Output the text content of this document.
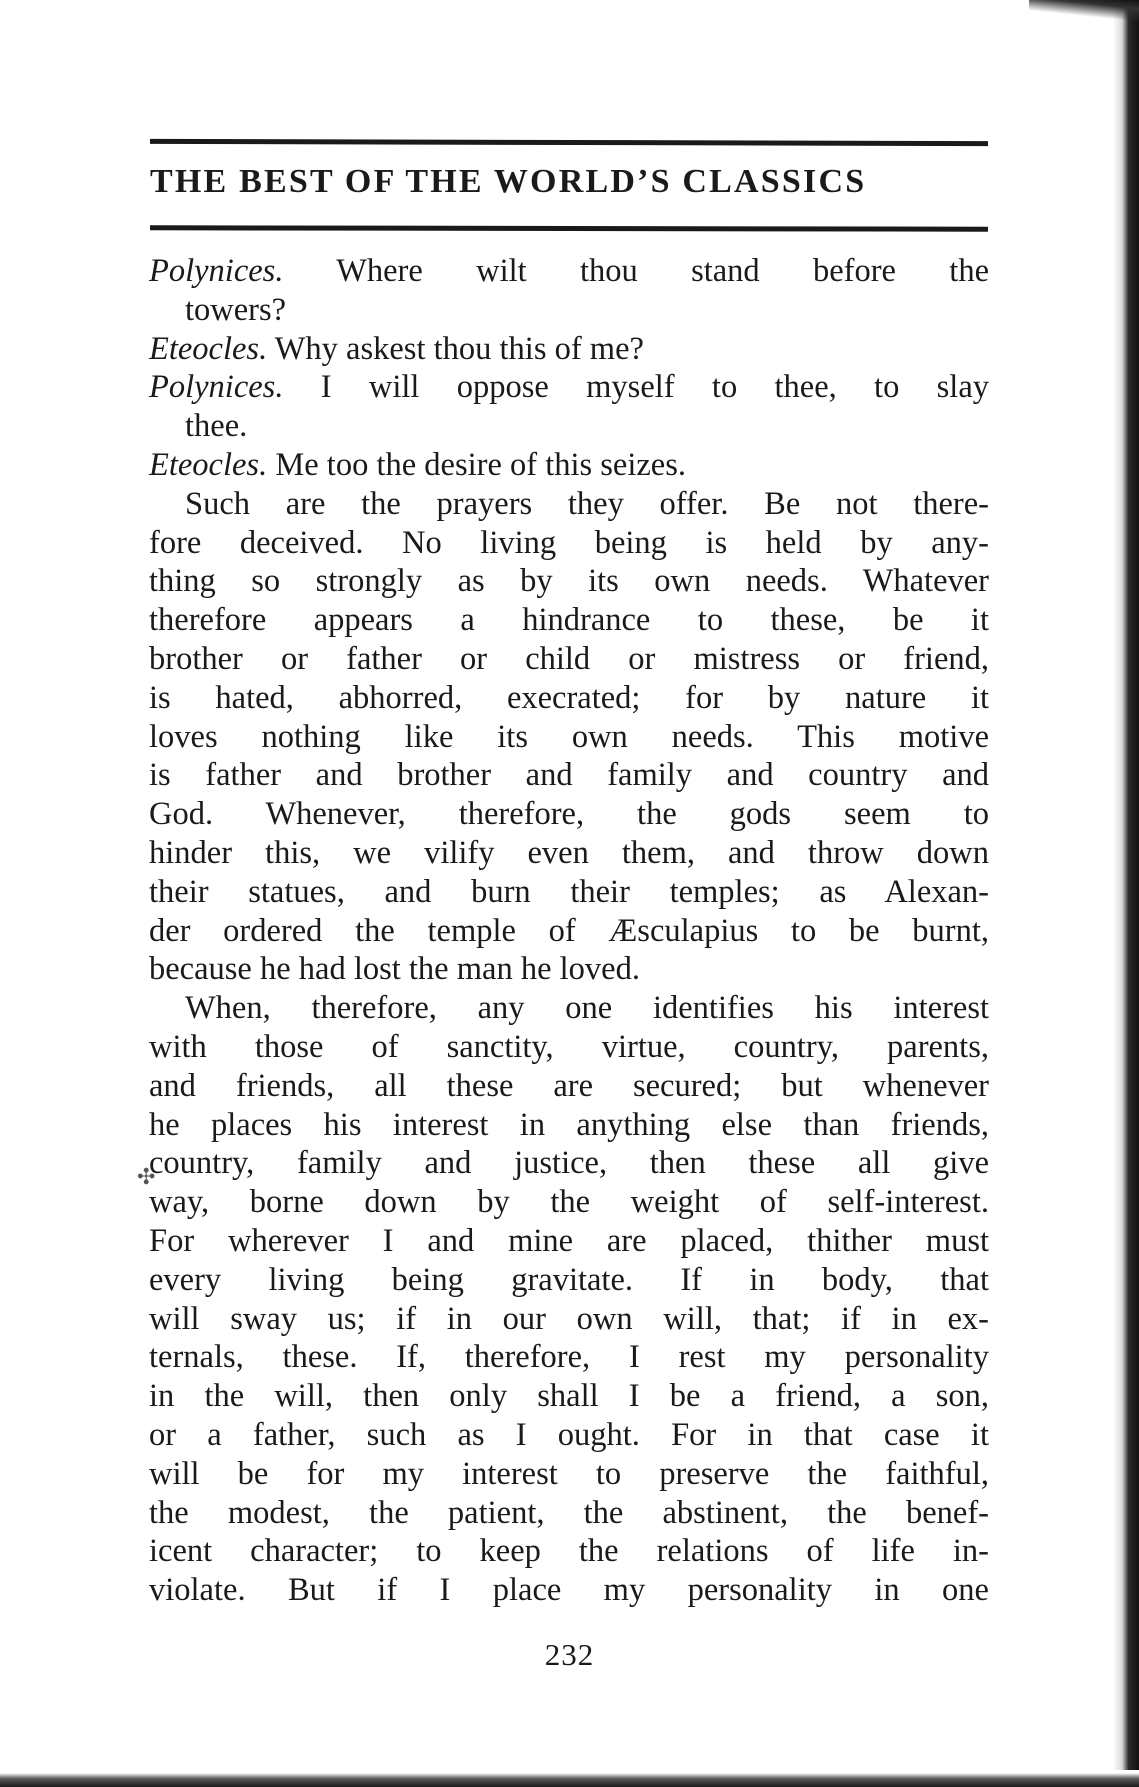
THE BEST OF THE WORLD’S CLASSICS
Polynices. Where wilt thou stand before the
towers?
Eteocles. Why askest thou this of me?
Polynices. I will oppose myself to thee, to slay
thee.
Eteocles. Me too the desire of this seizes.
Such are the prayers they offer. Be not there-
fore deceived. No living being is held by any-
thing so strongly as by its own needs. Whatever
therefore appears a hindrance to these, be it
brother or father or child or mistress or friend,
is hated, abhorred, execrated; for by nature it
loves nothing like its own needs. This motive
is father and brother and family and country and
God. Whenever, therefore, the gods seem to
hinder this, we vilify even them, and throw down
their statues, and burn their temples; as Alexan-
der ordered the temple of Æsculapius to be burnt,
because he had lost the man he loved.
When, therefore, any one identifies his interest
with those of sanctity, virtue, country, parents,
and friends, all these are secured; but whenever
he places his interest in anything else than friends,
country, family and justice, then these all give
way, borne down by the weight of self-interest.
For wherever I and mine are placed, thither must
every living being gravitate. If in body, that
will sway us; if in our own will, that; if in ex-
ternals, these. If, therefore, I rest my personality
in the will, then only shall I be a friend, a son,
or a father, such as I ought. For in that case it
will be for my interest to preserve the faithful,
the modest, the patient, the abstinent, the benef-
icent character; to keep the relations of life in-
violate. But if I place my personality in one
✣
232
